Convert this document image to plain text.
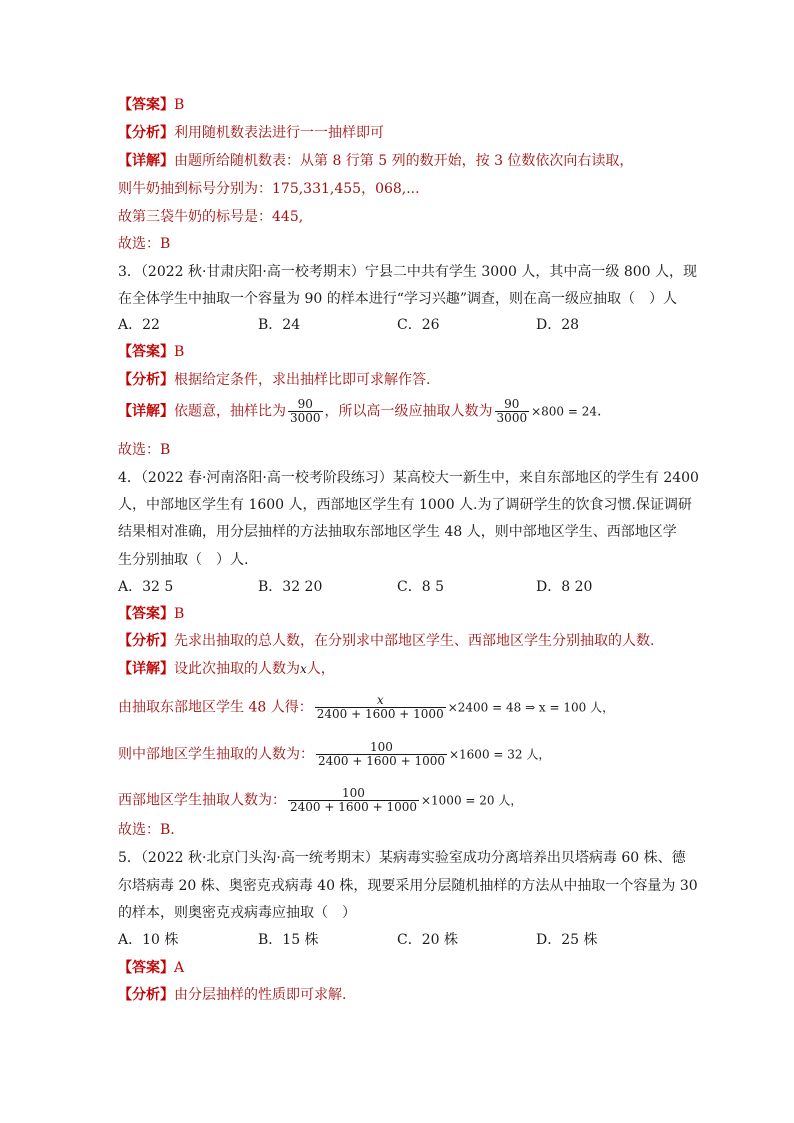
【答案】B
【分析】利用随机数表法进行一一抽样即可
【详解】由题所给随机数表：从第 8 行第 5 列的数开始，按 3 位数依次向右读取，
则牛奶抽到标号分别为：175,331,455，068,...
故第三袋牛奶的标号是：445,
故选：B
3．（2022 秋·甘肃庆阳·高一校考期末）宁县二中共有学生 3000 人，其中高一级 800 人，现
在全体学生中抽取一个容量为 90 的样本进行“学习兴趣”调查，则在高一级应抽取（　）人
A．22	B．24	C．26	D．28
【答案】B
【分析】根据给定条件，求出抽样比即可求解作答.
【详解】依题意，抽样比为 $\frac{90}{3000}$ ，所以高一级应抽取人数为 $\frac{90}{3000} \times 800 = 24$.
故选：B
4．（2022 春·河南洛阳·高一校考阶段练习）某高校大一新生中，来自东部地区的学生有 2400
人，中部地区学生有 1600 人，西部地区学生有 1000 人.为了调研学生的饮食习惯.保证调研
结果相对准确，用分层抽样的方法抽取东部地区学生 48 人，则中部地区学生、西部地区学
生分别抽取（　）人.
A．32 5	B．32 20	C．8 5	D．8 20
【答案】B
【分析】先求出抽取的总人数，在分别求中部地区学生、西部地区学生分别抽取的人数.
【详解】设此次抽取的人数为x人，
由抽取东部地区学生 48 人得： $\frac{x}{2400 + 1600 + 1000} \times 2400 = 48$ ⇒ x = 100 人，
则中部地区学生抽取的人数为： $\frac{100}{2400 + 1600 + 1000} \times 1600 = 32$ 人，
西部地区学生抽取人数为： $\frac{100}{2400 + 1600 + 1000} \times 1000 = 20$ 人，
故选：B.
5．（2022 秋·北京门头沟·高一统考期末）某病毒实验室成功分离培养出贝塔病毒 60 株、德
尔塔病毒 20 株、奥密克戎病毒 40 株，现要采用分层随机抽样的方法从中抽取一个容量为 30
的样本，则奥密克戎病毒应抽取（　）
A．10 株	B．15 株	C．20 株	D．25 株
【答案】A
【分析】由分层抽样的性质即可求解.
